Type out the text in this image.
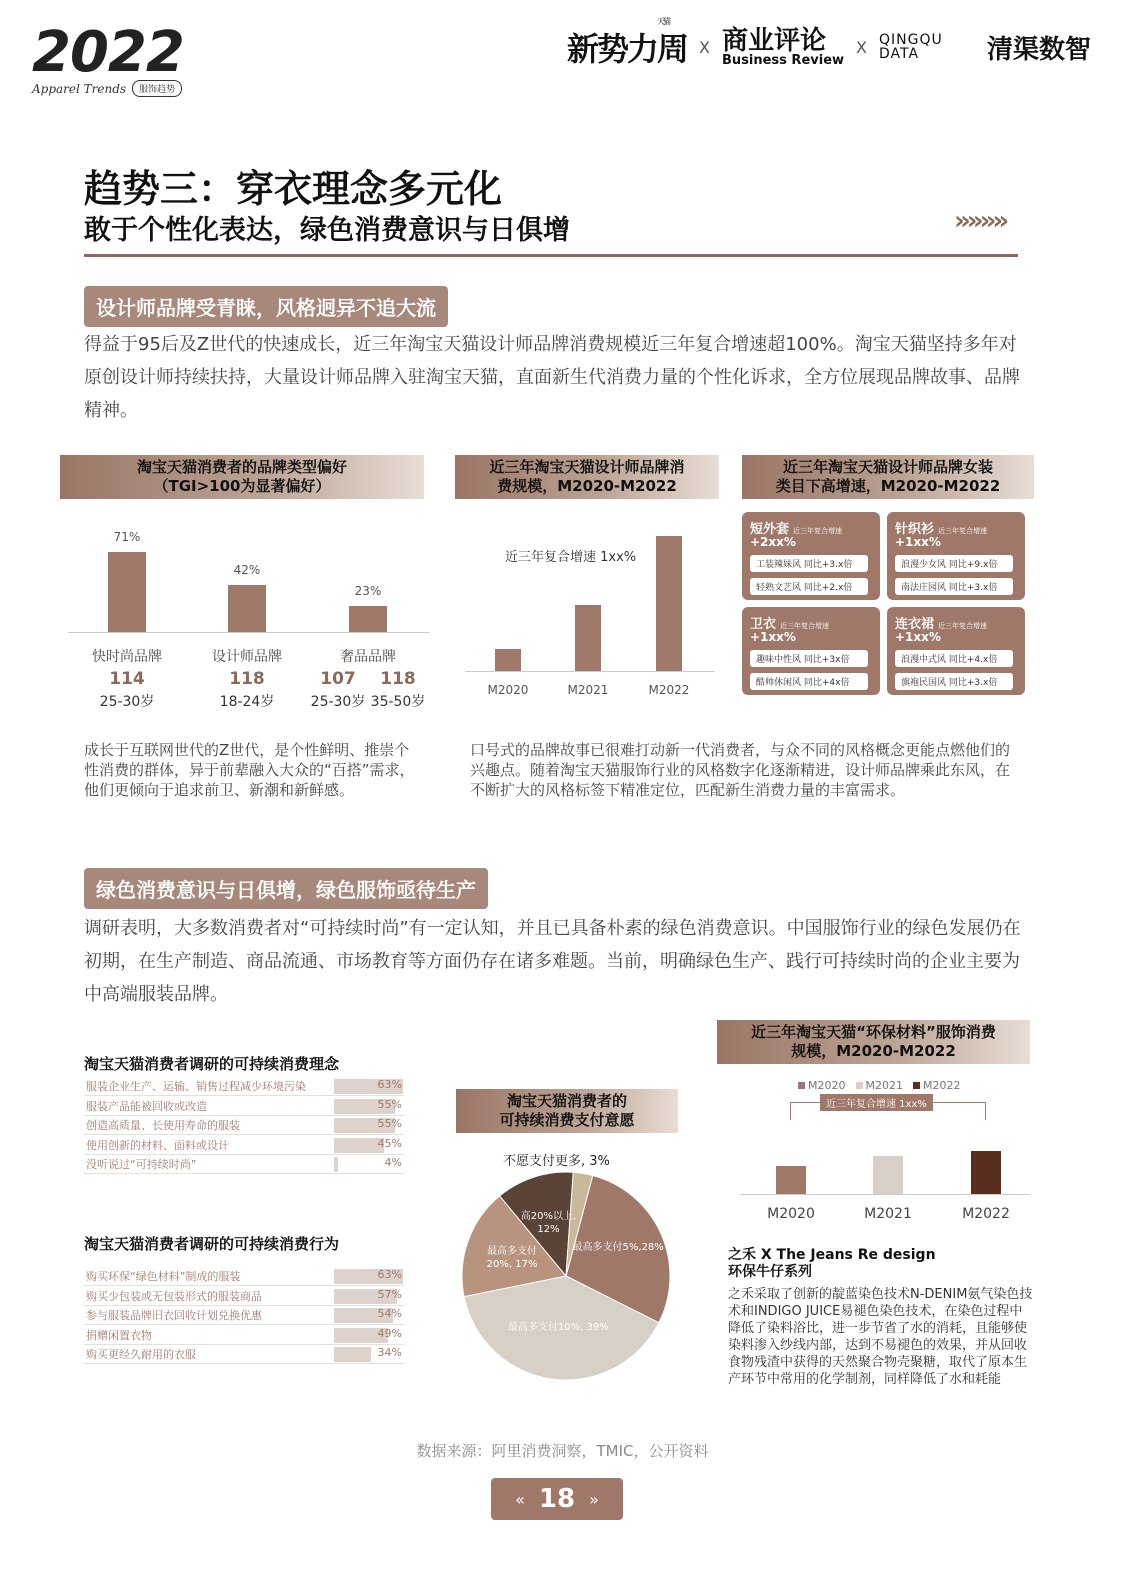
2022
Apparel Trends	服饰趋势
天猫
新势力周 X 商业评论
Business Review
X QINGQU DATA	清渠数智
趋势三：穿衣理念多元化
敢于个性化表达，绿色消费意识与日俱增	»»»»
设计师品牌受青睐，风格迥异不追大流
得益于95后及Z世代的快速成长，近三年淘宝天猫设计师品牌消费规模近三年复合增速超100%。淘宝天猫坚持多年对原创设计师持续扶持，大量设计师品牌入驻淘宝天猫，直面新生代消费力量的个性化诉求，全方位展现品牌故事、品牌精神。
淘宝天猫消费者的品牌类型偏好
（TGI>100为显著偏好）
114	118	107	118
25-30岁	18-24岁	25-30岁 35-50岁
71%
快时尚品牌
42%
设计师品牌
23%
奢品品牌
近三年淘宝天猫设计师品牌消
费规模，M2020-M2022
近三年复合增速 1xx%
M2020	M2021	M2022
近三年淘宝天猫设计师品牌女装
类目下高增速，M2020-M2022
短外套 近三年复合增速
+2xx%
工装辣妹风 同比+3.x倍
轻熟文艺风 同比+2.x倍
针织衫 近三年复合增速
+1xx%
浪漫少女风 同比+9.x倍
南法庄园风 同比+3.x倍
卫衣 近三年复合增速
+1xx%
趣味中性风 同比+3x倍
酷帅休闲风 同比+4x倍
连衣裙 近三年复合增速
+1xx%
浪漫中式风 同比+4.x倍
旗袍民国风 同比+3.x倍
成长于互联网世代的Z世代，是个性鲜明、推崇个性消费的群体，异于前辈融入大众的“百搭”需求，他们更倾向于追求前卫、新潮和新鲜感。
口号式的品牌故事已很难打动新一代消费者，与众不同的风格概念更能点燃他们的兴趣点。随着淘宝天猫服饰行业的风格数字化逐渐精进，设计师品牌乘此东风，在不断扩大的风格标签下精准定位，匹配新生消费力量的丰富需求。
绿色消费意识与日俱增，绿色服饰亟待生产
调研表明，大多数消费者对“可持续时尚”有一定认知，并且已具备朴素的绿色消费意识。中国服饰行业的绿色发展仍在初期，在生产制造、商品流通、市场教育等方面仍存在诸多难题。当前，明确绿色生产、践行可持续时尚的企业主要为中高端服装品牌。
淘宝天猫消费者调研的可持续消费理念
服装企业生产、运输、销售过程减少环境污染	63%
服装产品能被回收或改造	55%
创造高质量、长使用寿命的服装	55%
使用创新的材料、面料或设计	45%
没听说过“可持续时尚”	4%
淘宝天猫消费者调研的可持续消费行为
购买环保“绿色材料”制成的服装	63%
购买少包装或无包装形式的服装商品	57%
参与服装品牌旧衣回收计划兑换优惠	54%
捐赠闲置衣物	49%
购买更经久耐用的衣服	34%
淘宝天猫消费者的
可持续消费支付意愿
不愿支付更多, 3%
最高多支付5%,28%
最高多支付10%, 39%
最高多支付20%, 17%
高20%以上, 12%
近三年淘宝天猫“环保材料”服饰消费
规模，M2020-M2022
M2020 M2021 M2022
近三年复合增速 1xx%
M2020	M2021	M2022
之禾 X The Jeans Re design
环保牛仔系列
之禾采取了创新的靛蓝染色技术N-DENIM氨气染色技术和INDIGO JUICE易褪色染色技术，在染色过程中降低了染料浴比，进一步节省了水的消耗，且能够使染料渗入纱线内部，达到不易褪色的效果，并从回收食物残渣中获得的天然聚合物壳聚糖，取代了原本生产环节中常用的化学制剂，同样降低了水和耗能
数据来源：阿里消费洞察，TMIC，公开资料
« 18 »
